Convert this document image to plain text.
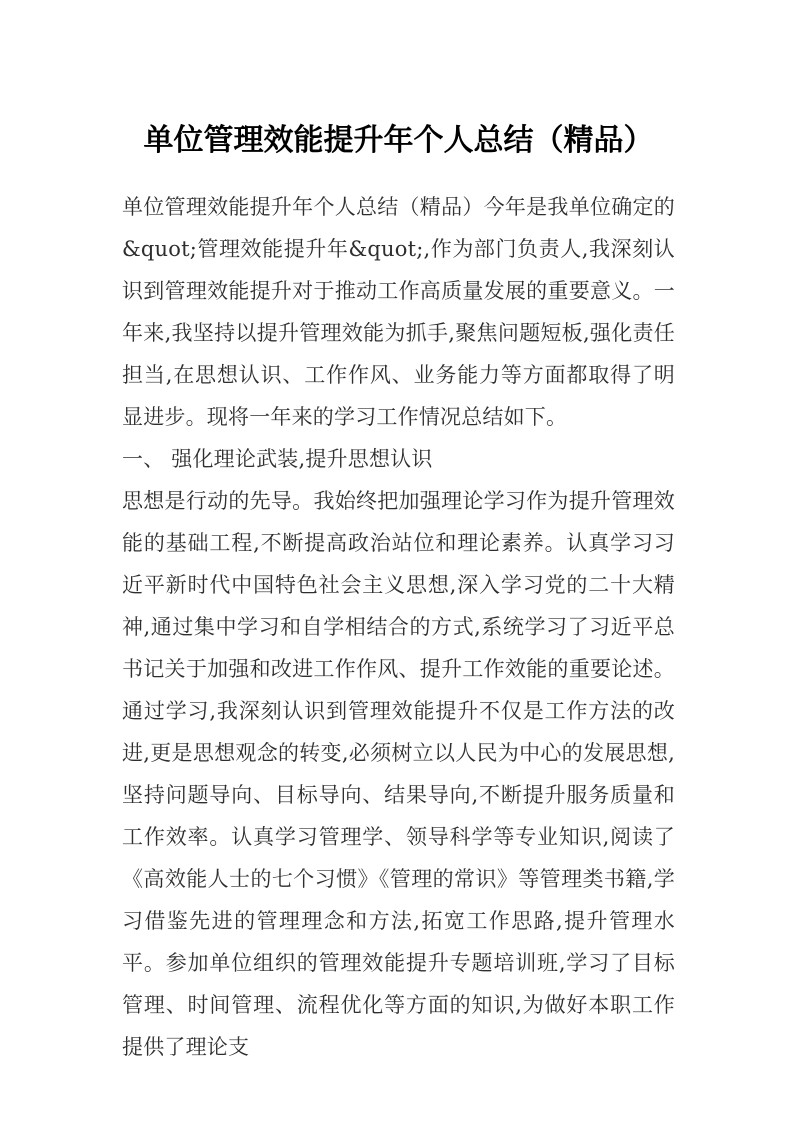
单位管理效能提升年个人总结（精品）

单位管理效能提升年个人总结（精品）今年是我单位确定的&quot;管理效能提升年&quot;,作为部门负责人,我深刻认识到管理效能提升对于推动工作高质量发展的重要意义。一年来,我坚持以提升管理效能为抓手,聚焦问题短板,强化责任担当,在思想认识、工作作风、业务能力等方面都取得了明显进步。现将一年来的学习工作情况总结如下。

一、 强化理论武装,提升思想认识

思想是行动的先导。我始终把加强理论学习作为提升管理效能的基础工程,不断提高政治站位和理论素养。认真学习习近平新时代中国特色社会主义思想,深入学习党的二十大精神,通过集中学习和自学相结合的方式,系统学习了习近平总书记关于加强和改进工作作风、提升工作效能的重要论述。通过学习,我深刻认识到管理效能提升不仅是工作方法的改进,更是思想观念的转变,必须树立以人民为中心的发展思想,坚持问题导向、目标导向、结果导向,不断提升服务质量和工作效率。认真学习管理学、领导科学等专业知识,阅读了《高效能人士的七个习惯》《管理的常识》等管理类书籍,学习借鉴先进的管理理念和方法,拓宽工作思路,提升管理水平。参加单位组织的管理效能提升专题培训班,学习了目标管理、时间管理、流程优化等方面的知识,为做好本职工作提供了理论支
